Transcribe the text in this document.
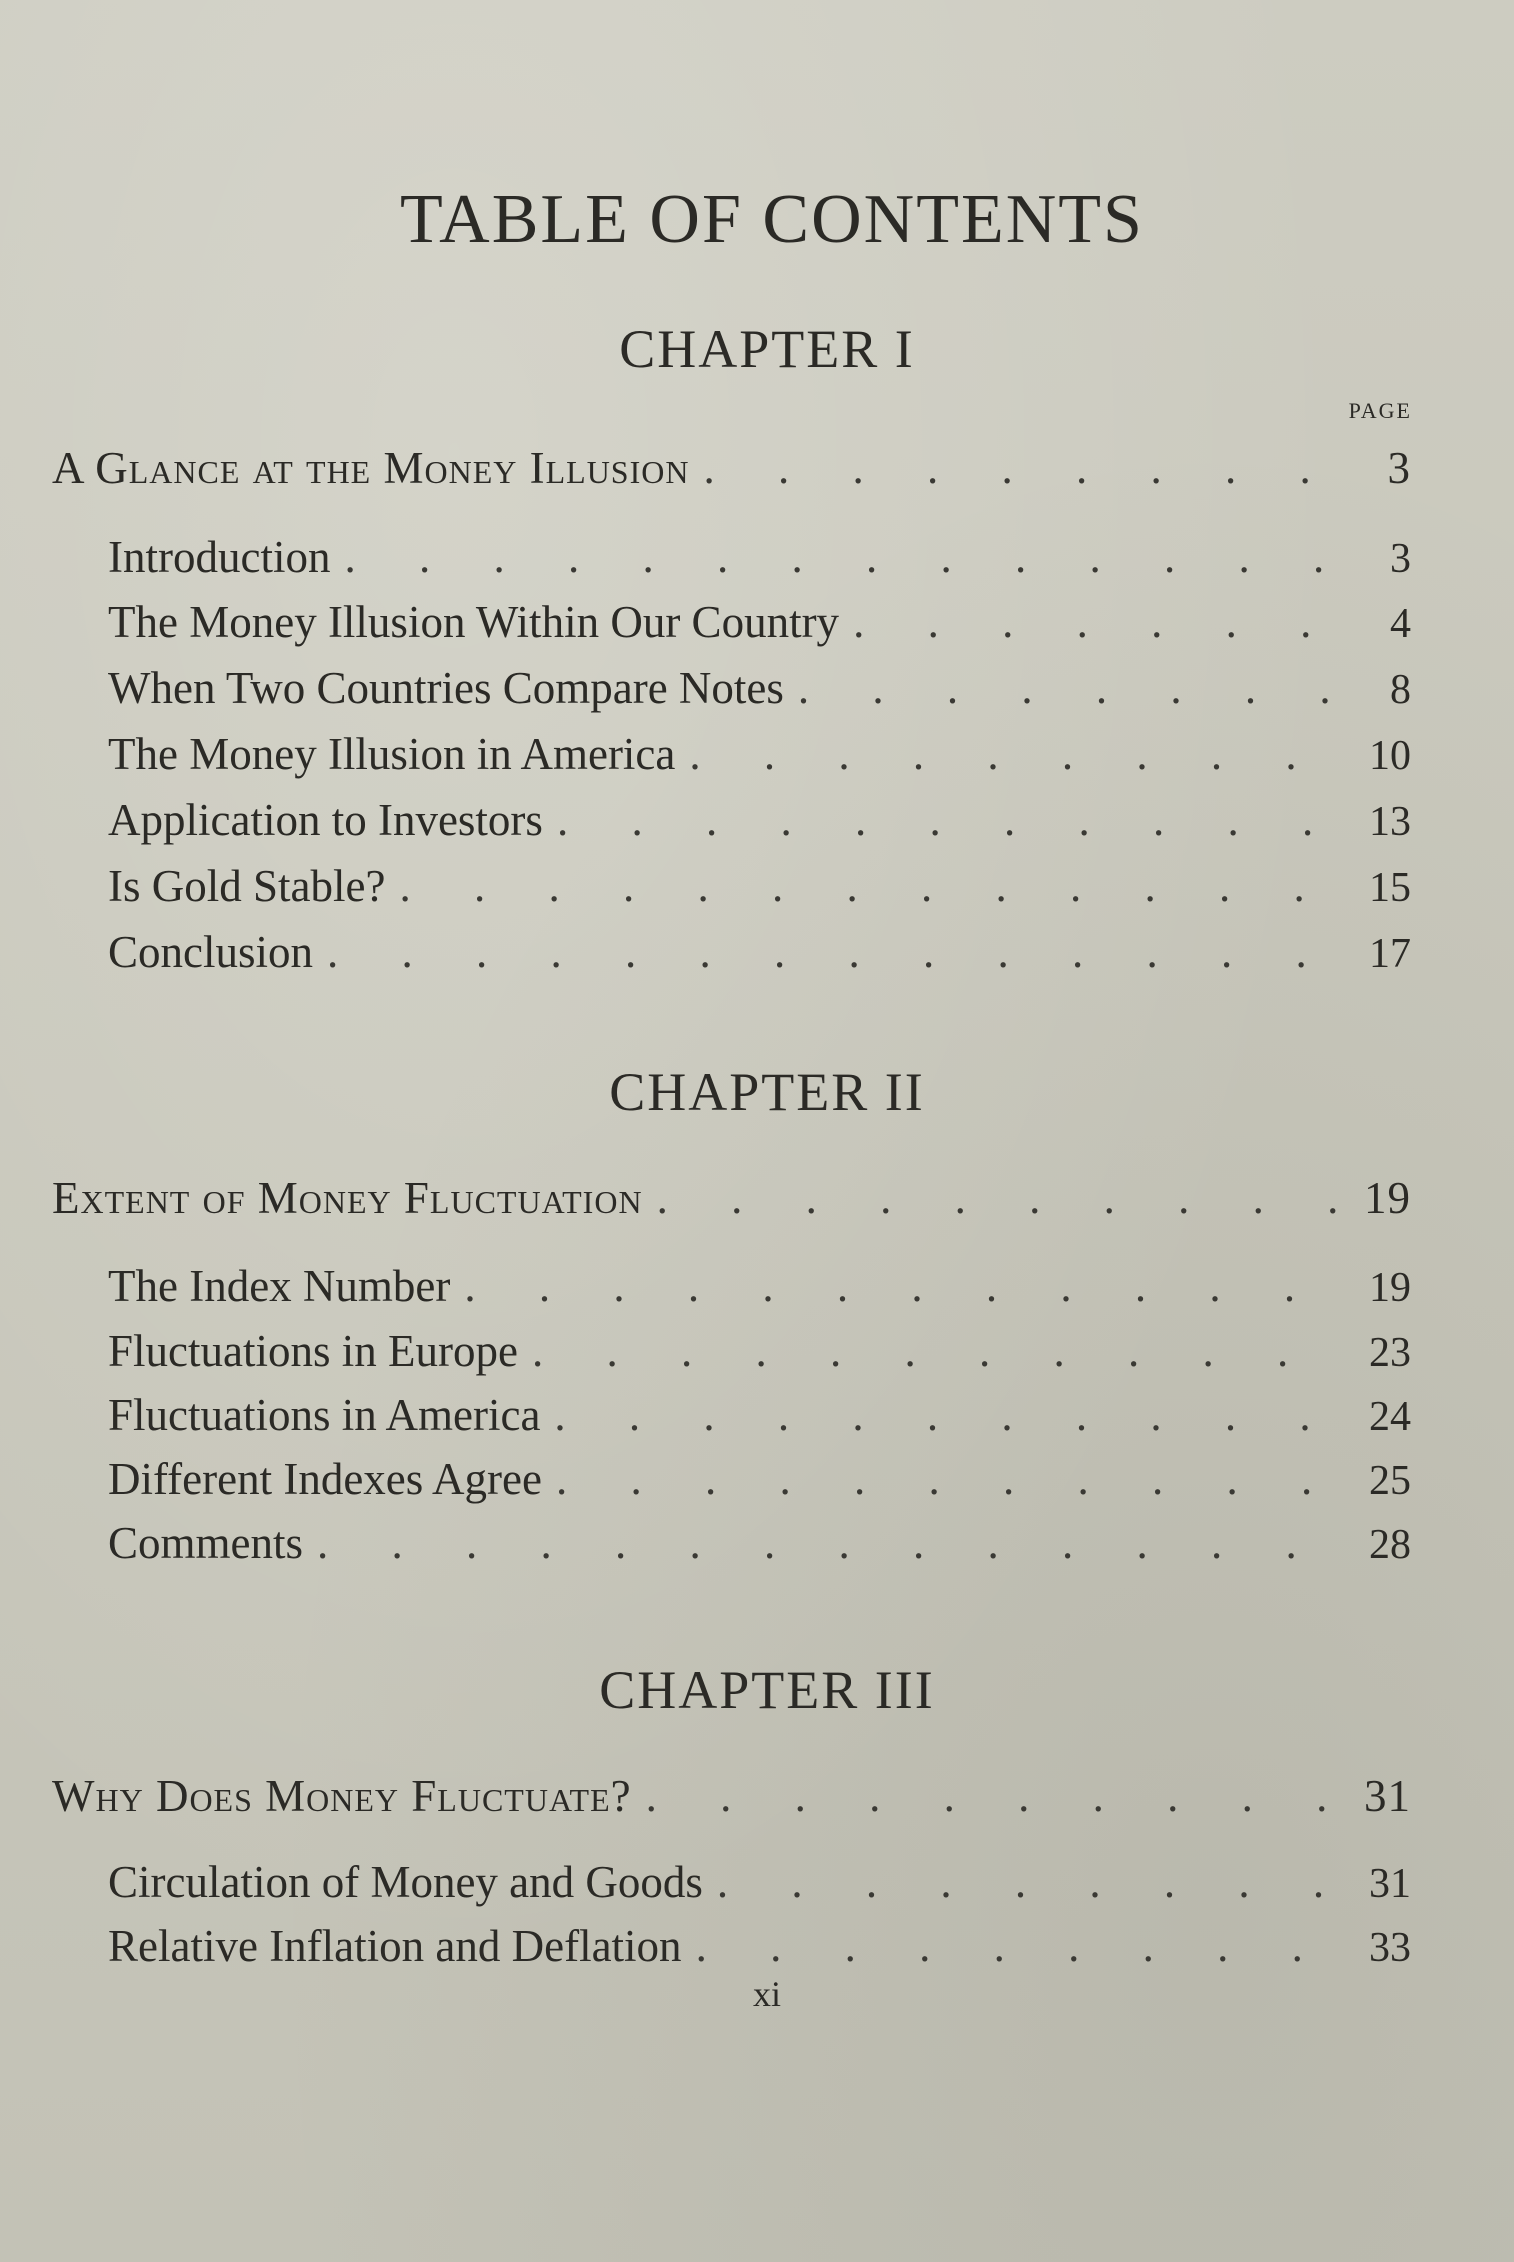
TABLE OF CONTENTS
CHAPTER I
PAGE
A Glance at the Money Illusion . . .	3
Introduction . . .	3
The Money Illusion Within Our Country . . .	4
When Two Countries Compare Notes . . .	8
The Money Illusion in America . . .	10
Application to Investors . . .	13
Is Gold Stable? . . .	15
Conclusion . . .	17
CHAPTER II
Extent of Money Fluctuation . . .	19
The Index Number . . .	19
Fluctuations in Europe . . .	23
Fluctuations in America . . .	24
Different Indexes Agree . . .	25
Comments . . .	28
CHAPTER III
Why Does Money Fluctuate? . . .	31
Circulation of Money and Goods . . .	31
Relative Inflation and Deflation . . .	33
xi
